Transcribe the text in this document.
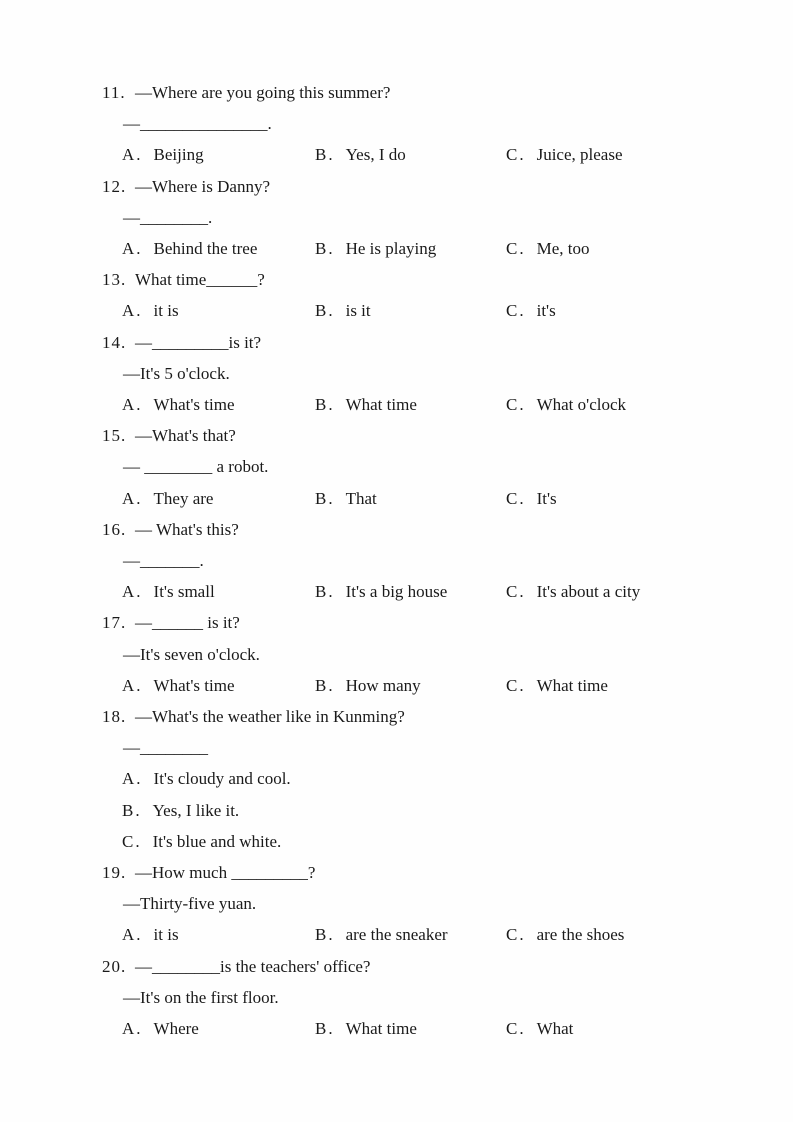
11. —Where are you going this summer?
—_______________.
A. Beijing	B. Yes, I do	C. Juice, please
12. —Where is Danny?
—________.
A. Behind the tree	B. He is playing	C. Me, too
13. What time______?
A. it is	B. is it	C. it's
14. —_________is it?
—It's 5 o'clock.
A. What's time	B. What time	C. What o'clock
15. —What's that?
— ________ a robot.
A. They are	B. That	C. It's
16. — What's this?
—_______.
A. It's small	B. It's a big house	C. It's about a city
17. —______ is it?
—It's seven o'clock.
A. What's time	B. How many	C. What time
18. —What's the weather like in Kunming?
—________
A. It's cloudy and cool.
B. Yes, I like it.
C. It's blue and white.
19. —How much _________?
—Thirty-five yuan.
A. it is	B. are the sneaker	C. are the shoes
20. —________is the teachers' office?
—It's on the first floor.
A. Where	B. What time	C. What
